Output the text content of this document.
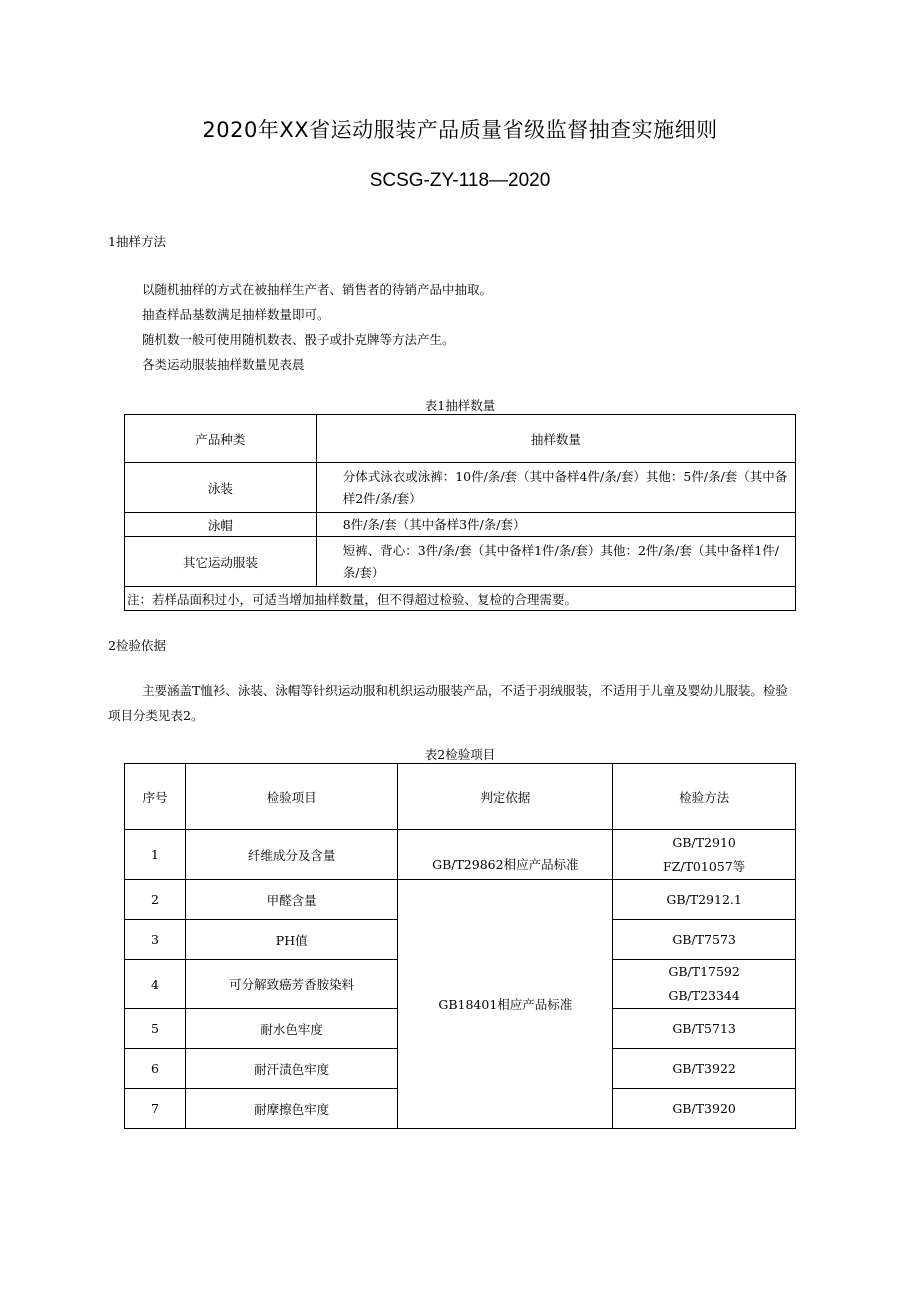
2020年XX省运动服装产品质量省级监督抽查实施细则
SCSG-ZY-118—2020
1抽样方法

以随机抽样的方式在被抽样生产者、销售者的待销产品中抽取。

抽查样品基数满足抽样数量即可。

随机数一般可使用随机数表、骰子或扑克牌等方法产生。

各类运动服装抽样数量见表晨

表1抽样数量
产品种类	抽样数量
泳装	分体式泳衣或泳裤：10件/条/套（其中备样4件/条/套）其他：5件/条/套（其中备样2件/条/套）
泳帽	8件/条/套（其中备样3件/条/套）
其它运动服装	短裤、背心：3件/条/套（其中备样1件/条/套）其他：2件/条/套（其中备样1件/条/套）
注：若样品面积过小，可适当增加抽样数量，但不得超过检验、复检的合理需要。	
2检验依据

主要涵盖T恤衫、泳装、泳帽等针织运动服和机织运动服装产品，不适于羽绒服装，不适用于儿童及婴幼儿服装。检验项目分类见表2。

表2检验项目
序号	检验项目	判定依据	检验方法
1	纤维成分及含量	GB/T29862相应产品标准	GB/T2910
FZ/T01057等

2	甲醛含量	GB18401相应产品标准	GB/T2912.1
3	PH值		GB/T7573
4	可分解致癌芳香胺染料		GB/T17592
GB/T23344

5	耐水色牢度		GB/T5713
6	耐汗渍色牢度		GB/T3922
7	耐摩擦色牢度		GB/T3920
